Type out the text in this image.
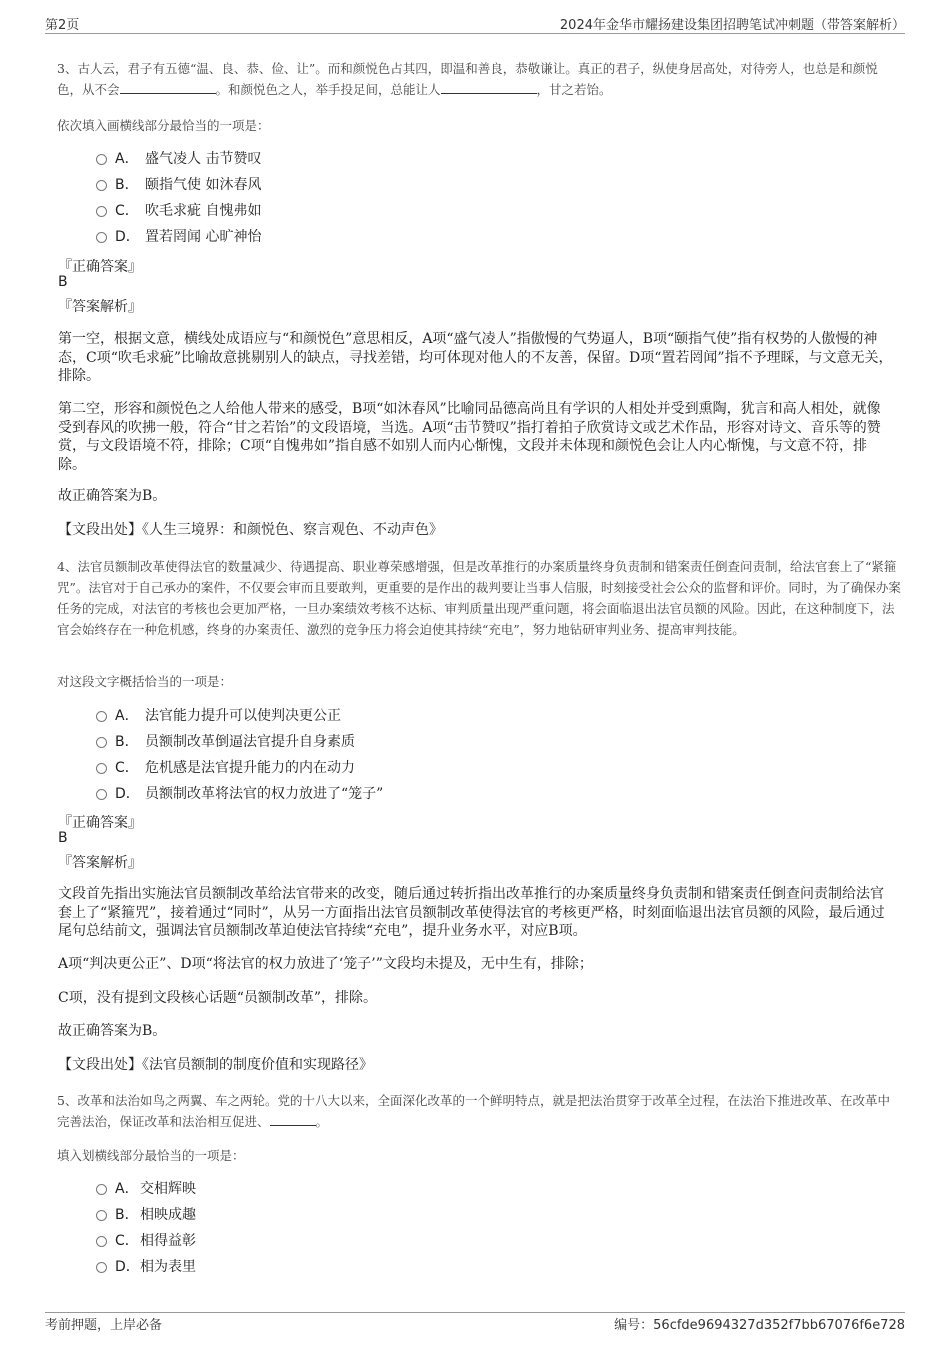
第2页	2024年金华市耀扬建设集团招聘笔试冲刺题（带答案解析）
3、古人云，君子有五德“温、良、恭、俭、让”。而和颜悦色占其四，即温和善良，恭敬谦让。真正的君子，纵使身居高处，对待旁人，也总是和颜悦色，从不会	。和颜悦色之人，举手投足间，总能让人	，甘之若饴。
依次填入画横线部分最恰当的一项是：
A． 盛气凌人 击节赞叹
B． 颐指气使 如沐春风
C． 吹毛求疵 自愧弗如
D． 置若罔闻 心旷神怡
『正确答案』
B
『答案解析』
第一空，根据文意，横线处成语应与“和颜悦色”意思相反，A项“盛气凌人”指傲慢的气势逼人，B项“颐指气使”指有权势的人傲慢的神态，C项“吹毛求疵”比喻故意挑剔别人的缺点，寻找差错，均可体现对他人的不友善，保留。D项“置若罔闻”指不予理睬，与文意无关，排除。
第二空，形容和颜悦色之人给他人带来的感受，B项“如沐春风”比喻同品德高尚且有学识的人相处并受到熏陶，犹言和高人相处，就像受到春风的吹拂一般，符合“甘之若饴”的文段语境，当选。A项“击节赞叹”指打着拍子欣赏诗文或艺术作品，形容对诗文、音乐等的赞赏，与文段语境不符，排除；C项“自愧弗如”指自感不如别人而内心惭愧，文段并未体现和颜悦色会让人内心惭愧，与文意不符，排除。
故正确答案为B。
【文段出处】《人生三境界：和颜悦色、察言观色、不动声色》
4、法官员额制改革使得法官的数量减少、待遇提高、职业尊荣感增强，但是改革推行的办案质量终身负责制和错案责任倒查问责制，给法官套上了“紧箍咒”。法官对于自己承办的案件，不仅要会审而且要敢判，更重要的是作出的裁判要让当事人信服，时刻接受社会公众的监督和评价。同时，为了确保办案任务的完成，对法官的考核也会更加严格，一旦办案绩效考核不达标、审判质量出现严重问题，将会面临退出法官员额的风险。因此，在这种制度下，法官会始终存在一种危机感，终身的办案责任、激烈的竞争压力将会迫使其持续“充电”，努力地钻研审判业务、提高审判技能。
对这段文字概括恰当的一项是：
A． 法官能力提升可以使判决更公正
B． 员额制改革倒逼法官提升自身素质
C． 危机感是法官提升能力的内在动力
D． 员额制改革将法官的权力放进了“笼子”
『正确答案』
B
『答案解析』
文段首先指出实施法官员额制改革给法官带来的改变，随后通过转折指出改革推行的办案质量终身负责制和错案责任倒查问责制给法官套上了“紧箍咒”，接着通过“同时”，从另一方面指出法官员额制改革使得法官的考核更严格，时刻面临退出法官员额的风险，最后通过尾句总结前文，强调法官员额制改革迫使法官持续“充电”，提升业务水平，对应B项。
A项“判决更公正”、D项“将法官的权力放进了‘笼子’”文段均未提及，无中生有，排除；
C项，没有提到文段核心话题“员额制改革”，排除。
故正确答案为B。
【文段出处】《法官员额制的制度价值和实现路径》
5、改革和法治如鸟之两翼、车之两轮。党的十八大以来，全面深化改革的一个鲜明特点，就是把法治贯穿于改革全过程，在法治下推进改革、在改革中完善法治，保证改革和法治相互促进、	。
填入划横线部分最恰当的一项是：
A． 交相辉映
B． 相映成趣
C． 相得益彰
D． 相为表里
考前押题，上岸必备	编号：56cfde9694327d352f7bb67076f6e728
